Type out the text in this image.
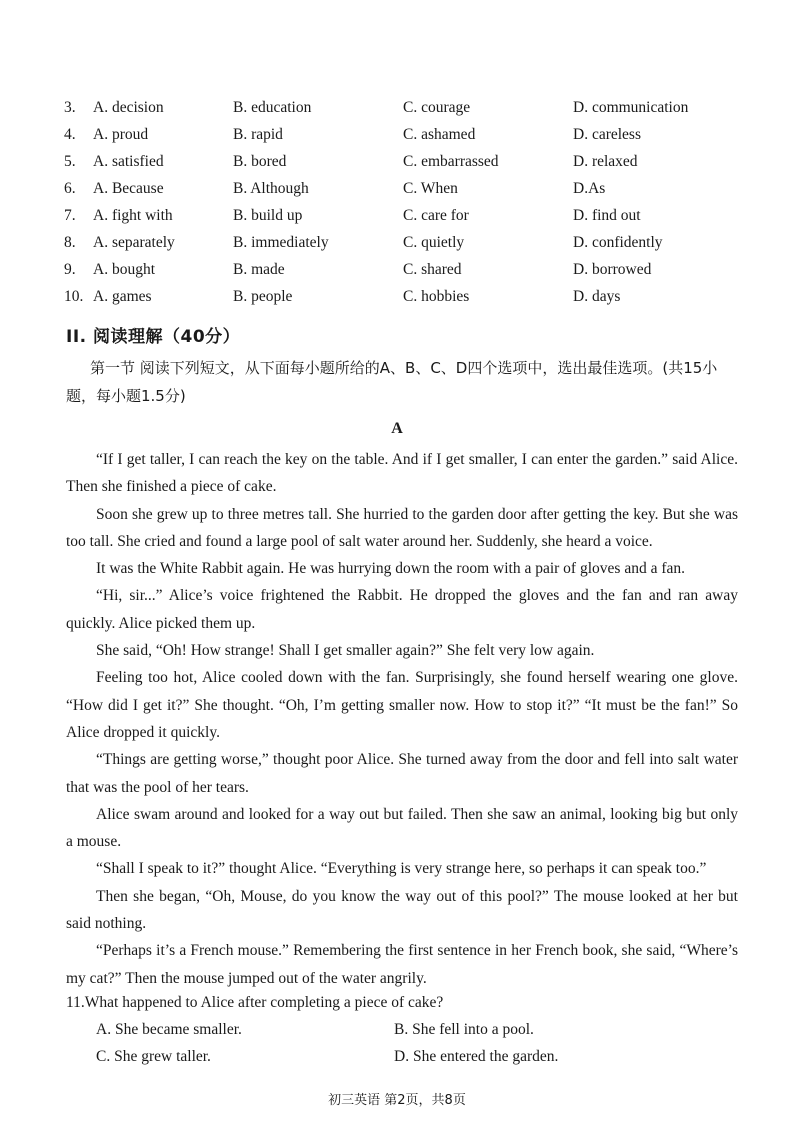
3. A. decision	B. education	C. courage	D. communication
4. A. proud	B. rapid	C. ashamed	D. careless
5. A. satisfied	B. bored	C. embarrassed	D. relaxed
6. A. Because	B. Although	C. When	D.As
7. A. fight with	B. build up	C. care for	D. find out
8. A. separately	B. immediately	C. quietly	D. confidently
9. A. bought	B. made	C. shared	D. borrowed
10. A. games	B. people	C. hobbies	D. days
II. 阅读理解（40分）
第一节 阅读下列短文，从下面每小题所给的A、B、C、D四个选项中，选出最佳选项。(共15小题，每小题1.5分)
A

“If I get taller, I can reach the key on the table. And if I get smaller, I can enter the garden.” said Alice. Then she finished a piece of cake.

Soon she grew up to three metres tall. She hurried to the garden door after getting the key. But she was too tall. She cried and found a large pool of salt water around her. Suddenly, she heard a voice.

It was the White Rabbit again. He was hurrying down the room with a pair of gloves and a fan.

“Hi, sir...” Alice’s voice frightened the Rabbit. He dropped the gloves and the fan and ran away quickly. Alice picked them up.

She said, “Oh! How strange! Shall I get smaller again?” She felt very low again.

Feeling too hot, Alice cooled down with the fan. Surprisingly, she found herself wearing one glove. “How did I get it?” She thought. “Oh, I’m getting smaller now. How to stop it?” “It must be the fan!” So Alice dropped it quickly.

“Things are getting worse,” thought poor Alice. She turned away from the door and fell into salt water that was the pool of her tears.

Alice swam around and looked for a way out but failed. Then she saw an animal, looking big but only a mouse.

“Shall I speak to it?” thought Alice. “Everything is very strange here, so perhaps it can speak too.”

Then she began, “Oh, Mouse, do you know the way out of this pool?” The mouse looked at her but said nothing.

“Perhaps it’s a French mouse.” Remembering the first sentence in her French book, she said, “Where’s my cat?” Then the mouse jumped out of the water angrily.

11.What happened to Alice after completing a piece of cake?
A. She became smaller.	B. She fell into a pool.
C. She grew taller.	D. She entered the garden.
初三英语 第2页，共8页
